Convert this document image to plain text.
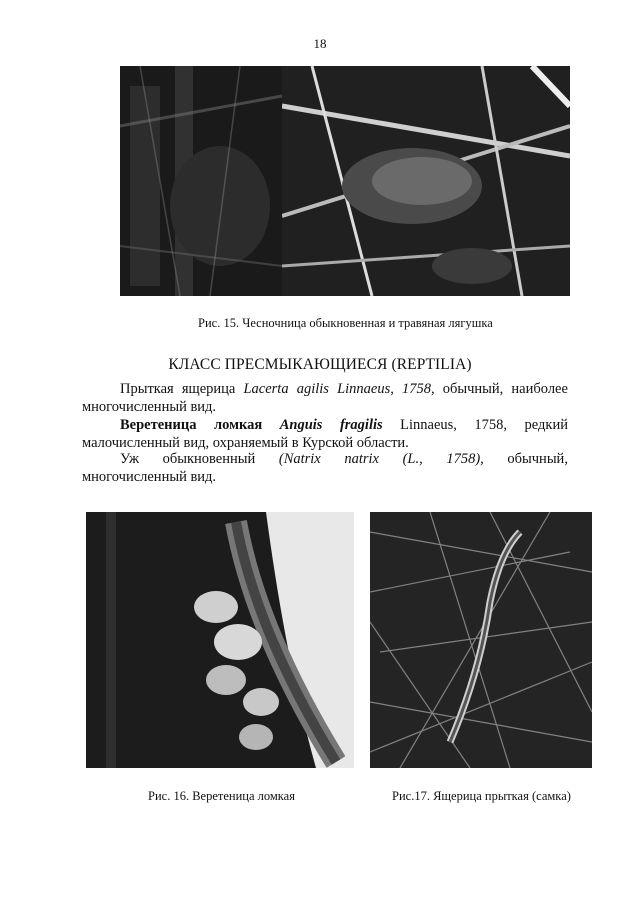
18
Рис. 15. Чесночница обыкновенная и травяная лягушка
КЛАСС ПРЕСМЫКАЮЩИЕСЯ (REPTILIA)
Прыткая ящерица Lacerta agilis Linnaeus, 1758, обычный, наиболее
многочисленный вид.
Веретеница ломкая Anguis fragilis Linnaeus, 1758, редкий
малочисленный вид, охраняемый в Курской области.
Уж обыкновенный (Natrix natrix (L., 1758), обычный,
многочисленный вид.
Рис. 16. Веретеница ломкая	Рис.17. Ящерица прыткая (самка)
